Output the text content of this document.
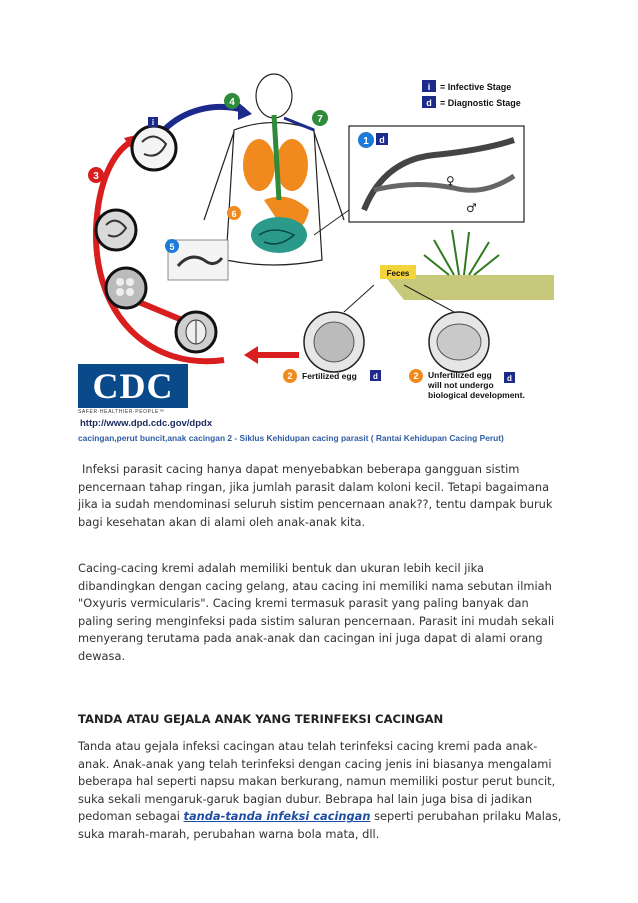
4
7
3
6
5
1 d
i
♀
♂
i = Infective Stage
d = Diagnostic Stage
Feces
2 Fertilized egg d	2 Unfertilized egg d
will not undergo
biological development.
CDC
SAFER·HEALTHIER·PEOPLE™
http://www.dpd.cdc.gov/dpdx
cacingan,perut buncit,anak cacingan 2 - Siklus Kehidupan cacing parasit ( Rantai Kehidupan Cacing Perut)

Infeksi parasit cacing hanya dapat menyebabkan beberapa gangguan sistim pencernaan tahap ringan, jika jumlah parasit dalam koloni kecil. Tetapi bagaimana jika ia sudah mendominasi seluruh sistim pencernaan anak??, tentu dampak buruk bagi kesehatan akan di alami oleh anak-anak kita.

Cacing-cacing kremi adalah memiliki bentuk dan ukuran lebih kecil jika dibandingkan dengan cacing gelang, atau cacing ini memiliki nama sebutan ilmiah "Oxyuris vermicularis". Cacing kremi termasuk parasit yang paling banyak dan paling sering menginfeksi pada sistim saluran pencernaan. Parasit ini mudah sekali menyerang terutama pada anak-anak dan cacingan ini juga dapat di alami orang dewasa.

TANDA ATAU GEJALA ANAK YANG TERINFEKSI CACINGAN

Tanda atau gejala infeksi cacingan atau telah terinfeksi cacing kremi pada anak-anak. Anak-anak yang telah terinfeksi dengan cacing jenis ini biasanya mengalami beberapa hal seperti napsu makan berkurang, namun memiliki postur perut buncit, suka sekali mengaruk-garuk bagian dubur. Bebrapa hal lain juga bisa di jadikan pedoman sebagai tanda-tanda infeksi cacingan seperti perubahan prilaku Malas, suka marah-marah, perubahan warna bola mata, dll.
